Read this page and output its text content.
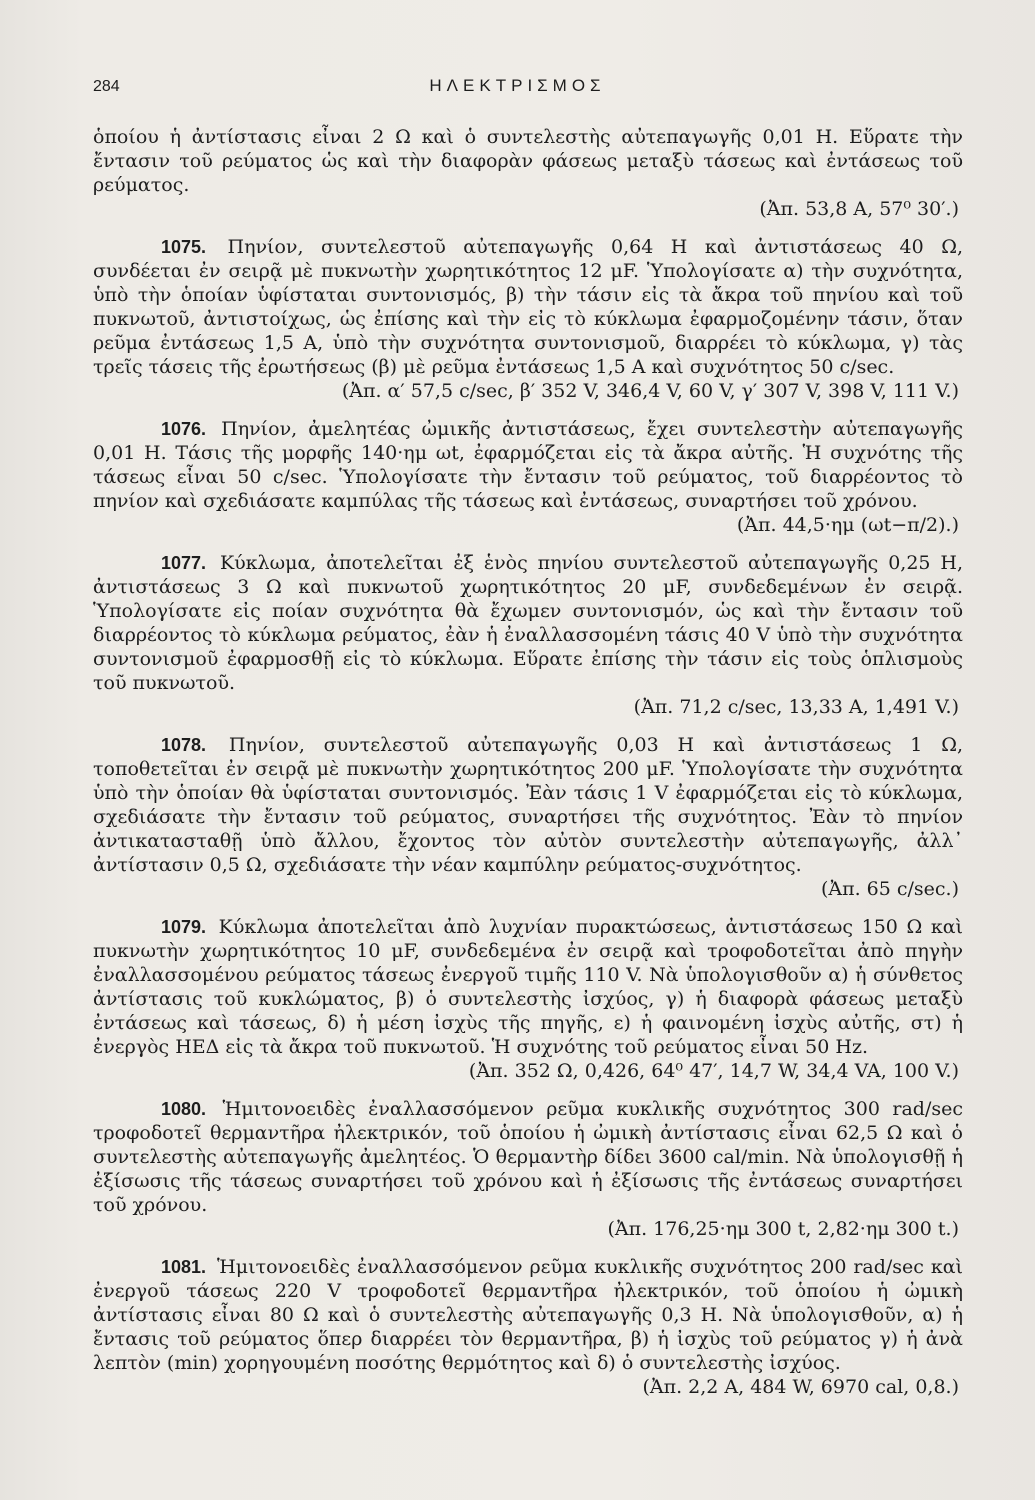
284	ΗΛΕΚΤΡΙΣΜΟΣ

ὁποίου ἡ ἀντίστασις εἶναι 2 Ω καὶ ὁ συντελεστὴς αὐτεπαγωγῆς 0,01 Η. Εὕρατε τὴν ἔντασιν τοῦ ρεύματος ὡς καὶ τὴν διαφορὰν φάσεως μεταξὺ τάσεως καὶ ἐντάσεως τοῦ ρεύματος.
(Ἀπ. 53,8 Α, 57⁰ 30′.)

1075. Πηνίον, συντελεστοῦ αὐτεπαγωγῆς 0,64 Η καὶ ἀντιστάσεως 40 Ω, συνδέεται ἐν σειρᾷ μὲ πυκνωτὴν χωρητικότητος 12 μF. Ὑπολογίσατε α) τὴν συχνότητα, ὑπὸ τὴν ὁποίαν ὑφίσταται συντονισμός, β) τὴν τάσιν εἰς τὰ ἄκρα τοῦ πηνίου καὶ τοῦ πυκνωτοῦ, ἀντιστοίχως, ὡς ἐπίσης καὶ τὴν εἰς τὸ κύκλωμα ἐφαρμοζομένην τάσιν, ὅταν ρεῦμα ἐντάσεως 1,5 Α, ὑπὸ τὴν συχνότητα συντονισμοῦ, διαρρέει τὸ κύκλωμα, γ) τὰς τρεῖς τάσεις τῆς ἐρωτήσεως (β) μὲ ρεῦμα ἐντάσεως 1,5 Α καὶ συχνότητος 50 c/sec.
(Ἀπ. α′ 57,5 c/sec, β′ 352 V, 346,4 V, 60 V, γ′ 307 V, 398 V, 111 V.)

1076. Πηνίον, ἀμελητέας ὠμικῆς ἀντιστάσεως, ἔχει συντελεστὴν αὐτεπαγωγῆς 0,01 Η. Τάσις τῆς μορφῆς 140·ημ ωt, ἐφαρμόζεται εἰς τὰ ἄκρα αὐτῆς. Ἡ συχνότης τῆς τάσεως εἶναι 50 c/sec. Ὑπολογίσατε τὴν ἔντασιν τοῦ ρεύματος, τοῦ διαρρέοντος τὸ πηνίον καὶ σχεδιάσατε καμπύλας τῆς τάσεως καὶ ἐντάσεως, συναρτήσει τοῦ χρόνου.
(Ἀπ. 44,5·ημ (ωt−π/2).)

1077. Κύκλωμα, ἀποτελεῖται ἐξ ἑνὸς πηνίου συντελεστοῦ αὐτεπαγωγῆς 0,25 Η, ἀντιστάσεως 3 Ω καὶ πυκνωτοῦ χωρητικότητος 20 μF, συνδεδεμένων ἐν σειρᾷ. Ὑπολογίσατε εἰς ποίαν συχνότητα θὰ ἔχωμεν συντονισμόν, ὡς καὶ τὴν ἔντασιν τοῦ διαρρέοντος τὸ κύκλωμα ρεύματος, ἐὰν ἡ ἐναλλασσομένη τάσις 40 V ὑπὸ τὴν συχνότητα συντονισμοῦ ἐφαρμοσθῇ εἰς τὸ κύκλωμα. Εὕρατε ἐπίσης τὴν τάσιν εἰς τοὺς ὁπλισμοὺς τοῦ πυκνωτοῦ.
(Ἀπ. 71,2 c/sec, 13,33 Α, 1,491 V.)

1078. Πηνίον, συντελεστοῦ αὐτεπαγωγῆς 0,03 Η καὶ ἀντιστάσεως 1 Ω, τοποθετεῖται ἐν σειρᾷ μὲ πυκνωτὴν χωρητικότητος 200 μF. Ὑπολογίσατε τὴν συχνότητα ὑπὸ τὴν ὁποίαν θὰ ὑφίσταται συντονισμός. Ἐὰν τάσις 1 V ἐφαρμόζεται εἰς τὸ κύκλωμα, σχεδιάσατε τὴν ἔντασιν τοῦ ρεύματος, συναρτήσει τῆς συχνότητος. Ἐὰν τὸ πηνίον ἀντικατασταθῇ ὑπὸ ἄλλου, ἔχοντος τὸν αὐτὸν συντελεστὴν αὐτεπαγωγῆς, ἀλλ᾽ ἀντίστασιν 0,5 Ω, σχεδιάσατε τὴν νέαν καμπύλην ρεύματος-συχνότητος.
(Ἀπ. 65 c/sec.)

1079. Κύκλωμα ἀποτελεῖται ἀπὸ λυχνίαν πυρακτώσεως, ἀντιστάσεως 150 Ω καὶ πυκνωτὴν χωρητικότητος 10 μF, συνδεδεμένα ἐν σειρᾷ καὶ τροφοδοτεῖται ἀπὸ πηγὴν ἐναλλασσομένου ρεύματος τάσεως ἐνεργοῦ τιμῆς 110 V. Νὰ ὑπολογισθοῦν α) ἡ σύνθετος ἀντίστασις τοῦ κυκλώματος, β) ὁ συντελεστὴς ἰσχύος, γ) ἡ διαφορὰ φάσεως μεταξὺ ἐντάσεως καὶ τάσεως, δ) ἡ μέση ἰσχὺς τῆς πηγῆς, ε) ἡ φαινομένη ἰσχὺς αὐτῆς, στ) ἡ ἐνεργὸς ΗΕΔ εἰς τὰ ἄκρα τοῦ πυκνωτοῦ. Ἡ συχνότης τοῦ ρεύματος εἶναι 50 Hz.
(Ἀπ. 352 Ω, 0,426, 64⁰ 47′, 14,7 W, 34,4 VA, 100 V.)

1080. Ἡμιτονοειδὲς ἐναλλασσόμενον ρεῦμα κυκλικῆς συχνότητος 300 rad/sec τροφοδοτεῖ θερμαντῆρα ἠλεκτρικόν, τοῦ ὁποίου ἡ ὠμικὴ ἀντίστασις εἶναι 62,5 Ω καὶ ὁ συντελεστὴς αὐτεπαγωγῆς ἀμελητέος. Ὁ θερμαντὴρ δίδει 3600 cal/min. Νὰ ὑπολογισθῇ ἡ ἐξίσωσις τῆς τάσεως συναρτήσει τοῦ χρόνου καὶ ἡ ἐξίσωσις τῆς ἐντάσεως συναρτήσει τοῦ χρόνου.
(Ἀπ. 176,25·ημ 300 t, 2,82·ημ 300 t.)

1081. Ἡμιτονοειδὲς ἐναλλασσόμενον ρεῦμα κυκλικῆς συχνότητος 200 rad/sec καὶ ἐνεργοῦ τάσεως 220 V τροφοδοτεῖ θερμαντῆρα ἠλεκτρικόν, τοῦ ὁποίου ἡ ὠμικὴ ἀντίστασις εἶναι 80 Ω καὶ ὁ συντελεστὴς αὐτεπαγωγῆς 0,3 Η. Νὰ ὑπολογισθοῦν, α) ἡ ἔντασις τοῦ ρεύματος ὅπερ διαρρέει τὸν θερμαντῆρα, β) ἡ ἰσχὺς τοῦ ρεύματος γ) ἡ ἀνὰ λεπτὸν (min) χορηγουμένη ποσότης θερμότητος καὶ δ) ὁ συντελεστὴς ἰσχύος.
(Ἀπ. 2,2 Α, 484 W, 6970 cal, 0,8.)
